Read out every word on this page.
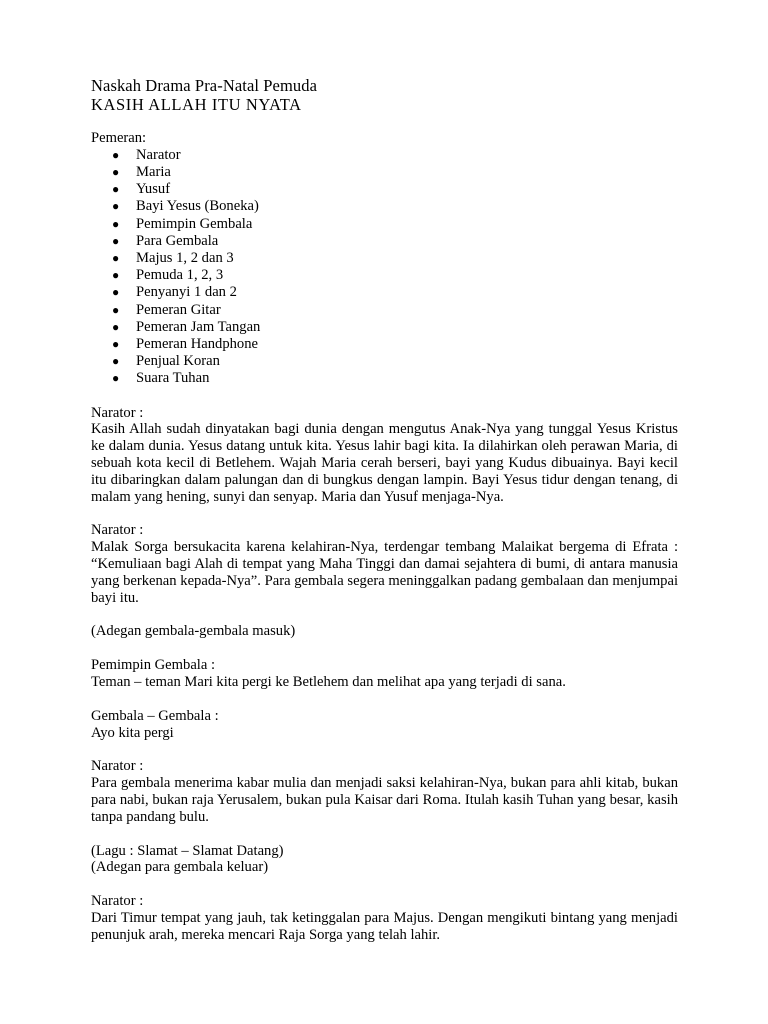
Naskah Drama Pra-Natal Pemuda

KASIH ALLAH ITU NYATA

Pemeran:
● Narator
● Maria
● Yusuf
● Bayi Yesus (Boneka)
● Pemimpin Gembala
● Para Gembala
● Majus 1, 2 dan 3
● Pemuda 1, 2, 3
● Penyanyi 1 dan 2
● Pemeran Gitar
● Pemeran Jam Tangan
● Pemeran Handphone
● Penjual Koran
● Suara Tuhan

Narator :

Kasih Allah sudah dinyatakan bagi dunia dengan mengutus Anak-Nya yang tunggal Yesus Kristus ke dalam dunia. Yesus datang untuk kita. Yesus lahir bagi kita. Ia dilahirkan oleh perawan Maria, di sebuah kota kecil di Betlehem. Wajah Maria cerah berseri, bayi yang Kudus dibuainya. Bayi kecil itu dibaringkan dalam palungan dan di bungkus dengan lampin. Bayi Yesus tidur dengan tenang, di malam yang hening, sunyi dan senyap. Maria dan Yusuf menjaga-Nya.

Narator :

Malak Sorga bersukacita karena kelahiran-Nya, terdengar tembang Malaikat bergema di Efrata : “Kemuliaan bagi Alah di tempat yang Maha Tinggi dan damai sejahtera di bumi, di antara manusia yang berkenan kepada-Nya”. Para gembala segera meninggalkan padang gembalaan dan menjumpai bayi itu.

(Adegan gembala-gembala masuk)

Pemimpin Gembala :

Teman – teman Mari kita pergi ke Betlehem dan melihat apa yang terjadi di sana.

Gembala – Gembala :

Ayo kita pergi

Narator :

Para gembala menerima kabar mulia dan menjadi saksi kelahiran-Nya, bukan para ahli kitab, bukan para nabi, bukan raja Yerusalem, bukan pula Kaisar dari Roma. Itulah kasih Tuhan yang besar, kasih tanpa pandang bulu.

(Lagu : Slamat – Slamat Datang)

(Adegan para gembala keluar)

Narator :

Dari Timur tempat yang jauh, tak ketinggalan para Majus. Dengan mengikuti bintang yang menjadi penunjuk arah, mereka mencari Raja Sorga yang telah lahir.
